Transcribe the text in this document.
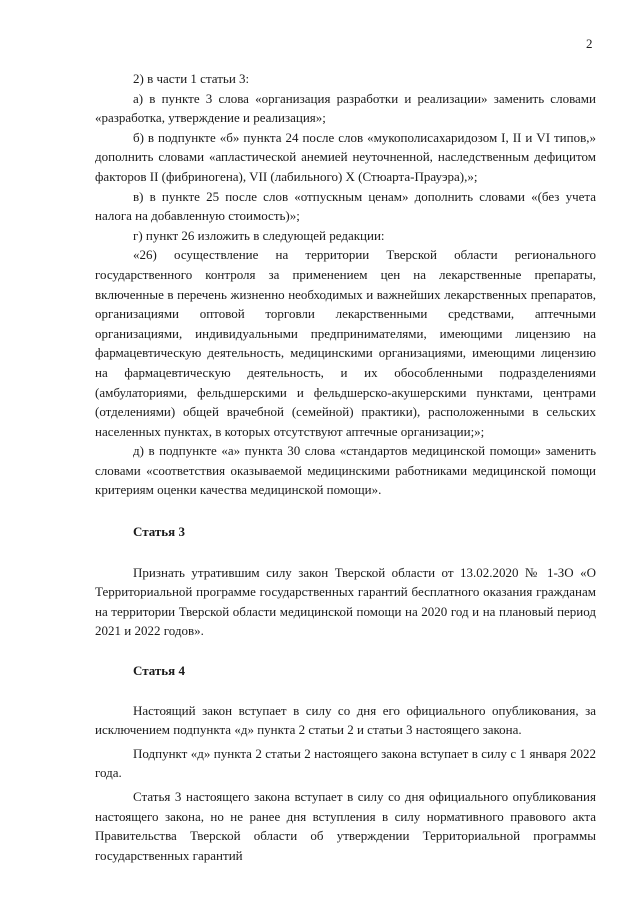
2

2) в части 1 статьи 3:

а) в пункте 3 слова «организация разработки и реализации» заменить словами «разработка, утверждение и реализация»;

б) в подпункте «б» пункта 24 после слов «мукополисахаридозом I, II и VI типов,» дополнить словами «апластической анемией неуточненной, наследственным дефицитом факторов II (фибриногена), VII (лабильного) X (Стюарта-Прауэра),»;

в) в пункте 25 после слов «отпускным ценам» дополнить словами «(без учета налога на добавленную стоимость)»;

г) пункт 26 изложить в следующей редакции:

«26) осуществление на территории Тверской области регионального государственного контроля за применением цен на лекарственные препараты, включенные в перечень жизненно необходимых и важнейших лекарственных препаратов, организациями оптовой торговли лекарственными средствами, аптечными организациями, индивидуальными предпринимателями, имеющими лицензию на фармацевтическую деятельность, медицинскими организациями, имеющими лицензию на фармацевтическую деятельность, и их обособленными подразделениями (амбулаториями, фельдшерскими и фельдшерско-акушерскими пунктами, центрами (отделениями) общей врачебной (семейной) практики), расположенными в сельских населенных пунктах, в которых отсутствуют аптечные организации;»;

д) в подпункте «а» пункта 30 слова «стандартов медицинской помощи» заменить словами «соответствия оказываемой медицинскими работниками медицинской помощи критериям оценки качества медицинской помощи».

Статья 3

Признать утратившим силу закон Тверской области от 13.02.2020 № 1-ЗО «О Территориальной программе государственных гарантий бесплатного оказания гражданам на территории Тверской области медицинской помощи на 2020 год и на плановый период 2021 и 2022 годов».

Статья 4

Настоящий закон вступает в силу со дня его официального опубликования, за исключением подпункта «д» пункта 2 статьи 2 и статьи 3 настоящего закона.

Подпункт «д» пункта 2 статьи 2 настоящего закона вступает в силу с 1 января 2022 года.

Статья 3 настоящего закона вступает в силу со дня официального опубликования настоящего закона, но не ранее дня вступления в силу нормативного правового акта Правительства Тверской области об утверждении Территориальной программы государственных гарантий
